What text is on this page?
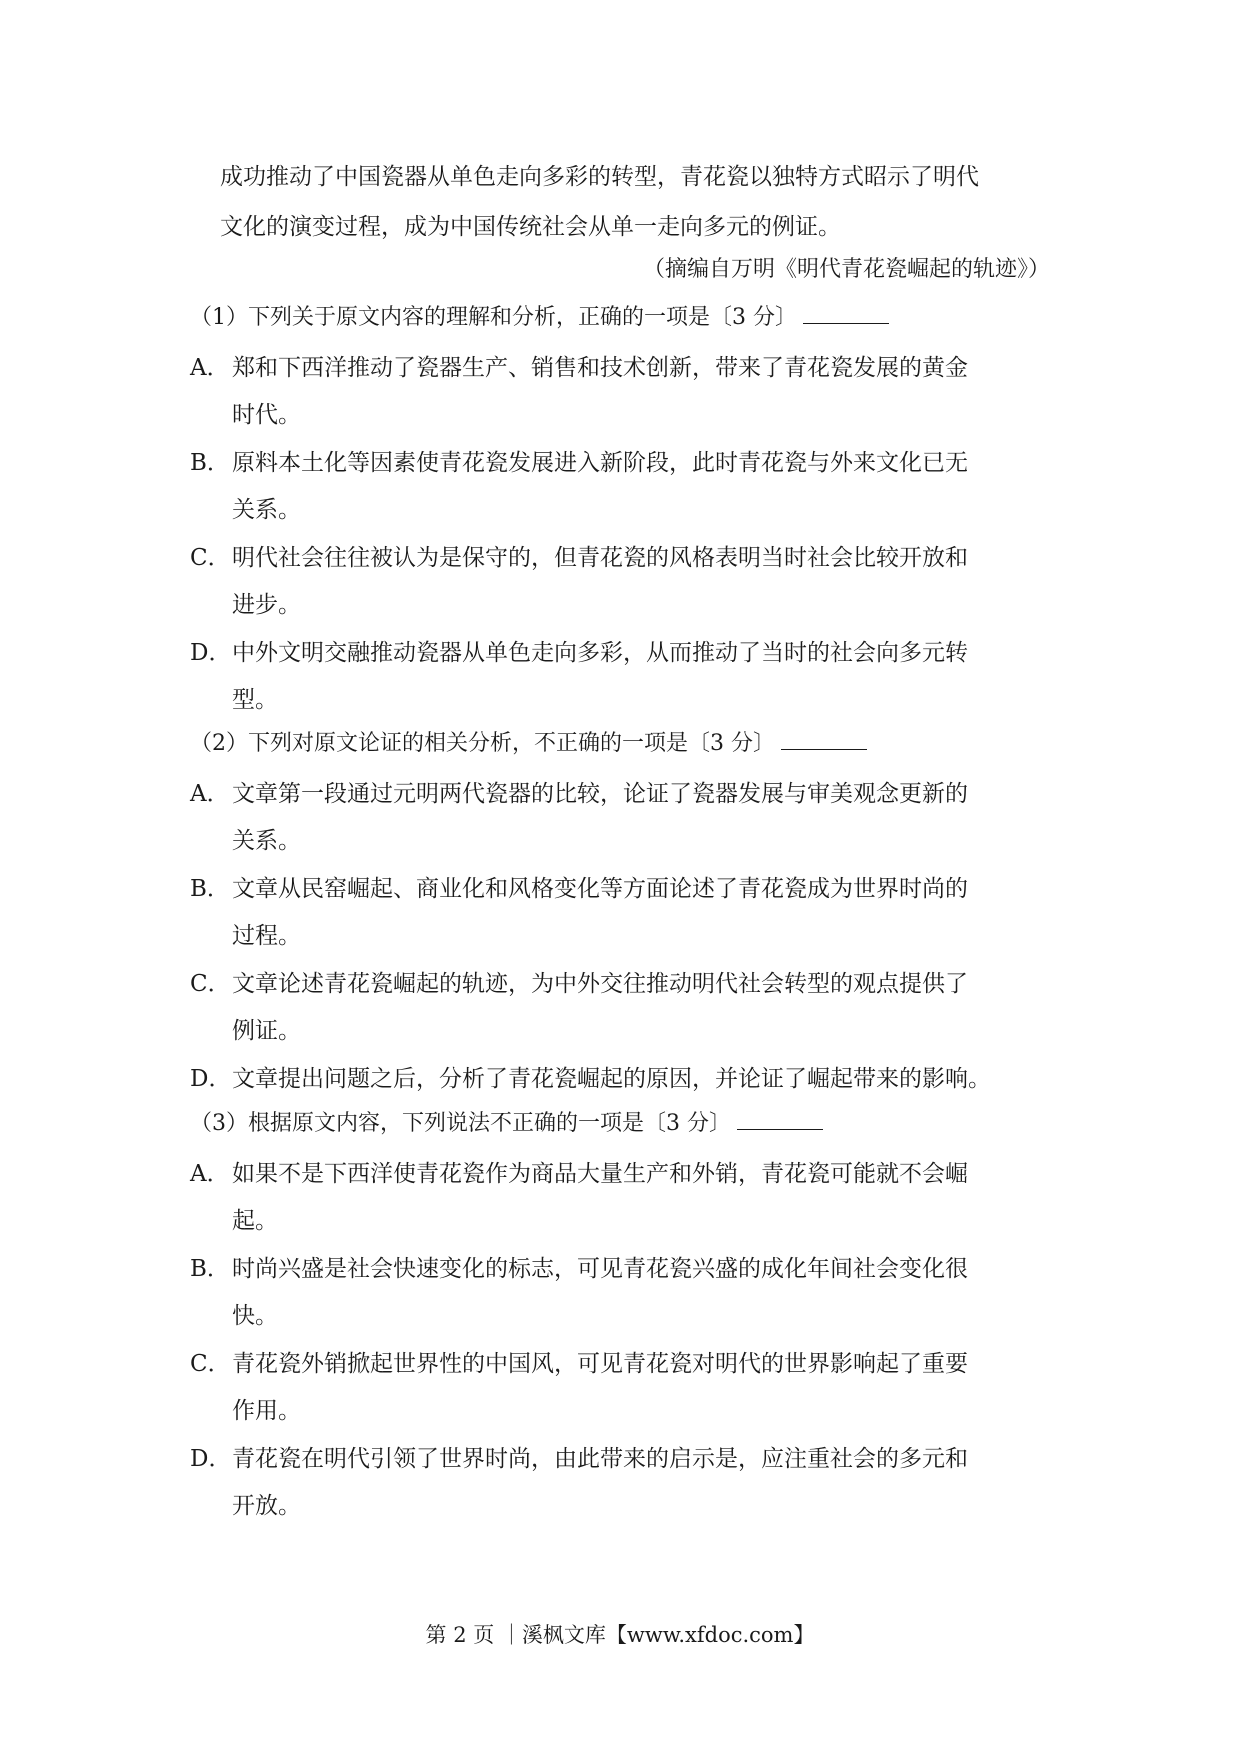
成功推动了中国瓷器从单色走向多彩的转型，青花瓷以独特方式昭示了明代
文化的演变过程，成为中国传统社会从单一走向多元的例证。
（摘编自万明《明代青花瓷崛起的轨迹》）
（1）下列关于原文内容的理解和分析，正确的一项是〔3 分〕
A． 郑和下西洋推动了瓷器生产、销售和技术创新，带来了青花瓷发展的黄金
时代。
B． 原料本土化等因素使青花瓷发展进入新阶段，此时青花瓷与外来文化已无
关系。
C． 明代社会往往被认为是保守的，但青花瓷的风格表明当时社会比较开放和
进步。
D． 中外文明交融推动瓷器从单色走向多彩，从而推动了当时的社会向多元转
型。
（2）下列对原文论证的相关分析，不正确的一项是〔3 分〕
A． 文章第一段通过元明两代瓷器的比较，论证了瓷器发展与审美观念更新的
关系。
B． 文章从民窑崛起、商业化和风格变化等方面论述了青花瓷成为世界时尚的
过程。
C． 文章论述青花瓷崛起的轨迹，为中外交往推动明代社会转型的观点提供了
例证。
D． 文章提出问题之后，分析了青花瓷崛起的原因，并论证了崛起带来的影响。
（3）根据原文内容，下列说法不正确的一项是〔3 分〕
A． 如果不是下西洋使青花瓷作为商品大量生产和外销，青花瓷可能就不会崛
起。
B． 时尚兴盛是社会快速变化的标志，可见青花瓷兴盛的成化年间社会变化很
快。
C． 青花瓷外销掀起世界性的中国风，可见青花瓷对明代的世界影响起了重要
作用。
D． 青花瓷在明代引领了世界时尚，由此带来的启示是，应注重社会的多元和
开放。
第 2 页 ｜溪枫文库【www.xfdoc.com】
